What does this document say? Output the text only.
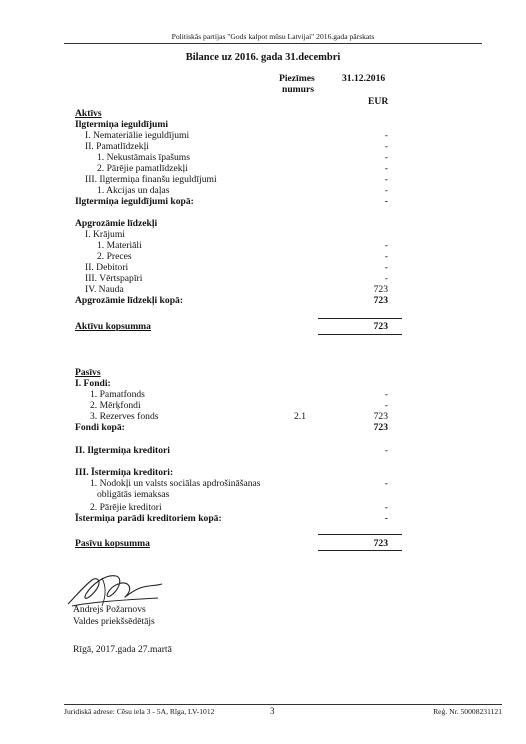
Politiskās partijas "Gods kalpot mūsu Latvijai" 2016.gada pārskats
Bilance uz 2016. gada 31.decembri
Piezīmes
numurs
31.12.2016
EUR
Aktīvs
Ilgtermiņa ieguldījumi
I. Nemateriālie ieguldījumi	-
II. Pamatlīdzekļi	-
1. Nekustāmais īpašums	-
2. Pārējie pamatlīdzekļi	-
III. Ilgtermiņa finanšu ieguldījumi	-
1. Akcijas un daļas	-
Ilgtermiņa ieguldījumi kopā:	-
Apgrozāmie līdzekļi
I. Krājumi
1. Materiāli	-
2. Preces	-
II. Debitori	-
III. Vērtspapīri	-
IV. Nauda	723
Apgrozāmie līdzekļi kopā:	723
Aktīvu kopsumma	723
Pasīvs
I. Fondi:
1. Pamatfonds	-
2. Mērķfondi	-
3. Rezerves fonds	2.1	723
Fondi kopā:	723
II. Ilgtermiņa kreditori	-
III. Īstermiņa kreditori:
1. Nodokļi un valsts sociālas apdrošināšanas	-
obligātās iemaksas
2. Pārējie kreditori	-
Īstermiņa parādi kreditoriem kopā:	-
Pasīvu kopsumma	723
Andrejs Požarnovs
Valdes priekšsēdētājs
Rīgā, 2017.gada 27.martā
Juridiskā adrese: Cēsu iela 3 - 5A, Rīga, LV-1012	3	Reģ. Nr. 50008231121
